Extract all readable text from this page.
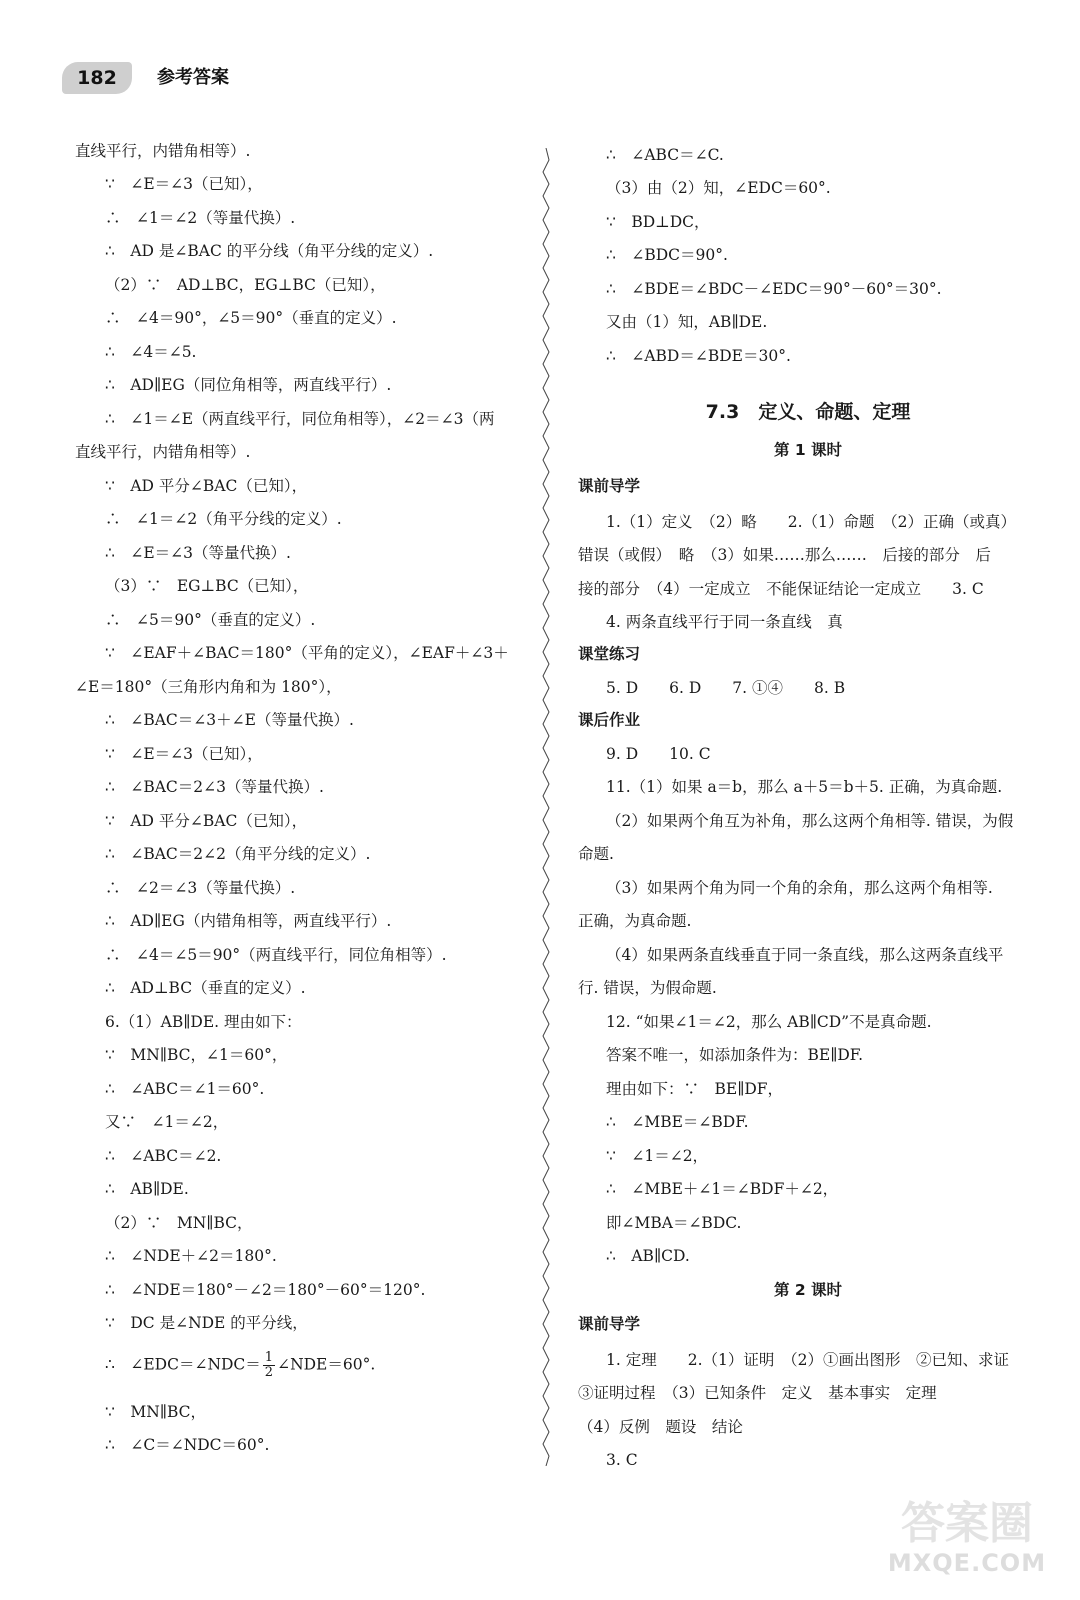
182	参考答案
直线平行，内错角相等）.
∵　∠E＝∠3（已知），
∴　∠1＝∠2（等量代换）.
∴　AD 是∠BAC 的平分线（角平分线的定义）.
（2）∵　AD⊥BC，EG⊥BC（已知），
∴　∠4＝90°，∠5＝90°（垂直的定义）.
∴　∠4＝∠5.
∴　AD∥EG（同位角相等，两直线平行）.
∴　∠1＝∠E（两直线平行，同位角相等），∠2＝∠3（两
直线平行，内错角相等）.
∵　AD 平分∠BAC（已知），
∴　∠1＝∠2（角平分线的定义）.
∴　∠E＝∠3（等量代换）.
（3）∵　EG⊥BC（已知），
∴　∠5＝90°（垂直的定义）.
∵　∠EAF＋∠BAC＝180°（平角的定义），∠EAF＋∠3＋
∠E＝180°（三角形内角和为 180°），
∴　∠BAC＝∠3＋∠E（等量代换）.
∵　∠E＝∠3（已知），
∴　∠BAC＝2∠3（等量代换）.
∵　AD 平分∠BAC（已知），
∴　∠BAC＝2∠2（角平分线的定义）.
∴　∠2＝∠3（等量代换）.
∴　AD∥EG（内错角相等，两直线平行）.
∴　∠4＝∠5＝90°（两直线平行，同位角相等）.
∴　AD⊥BC（垂直的定义）.
6.（1）AB∥DE. 理由如下：
∵　MN∥BC，∠1＝60°，
∴　∠ABC＝∠1＝60°.
又∵　∠1＝∠2，
∴　∠ABC＝∠2.
∴　AB∥DE.
（2）∵　MN∥BC，
∴　∠NDE＋∠2＝180°.
∴　∠NDE＝180°－∠2＝180°－60°＝120°.
∵　DC 是∠NDE 的平分线，
∴　∠EDC＝∠NDC＝ $\frac{1}{2}$ ∠NDE＝60°.
∵　MN∥BC，
∴　∠C＝∠NDC＝60°.
∴　∠ABC＝∠C.
（3）由（2）知，∠EDC＝60°.
∵　BD⊥DC，
∴　∠BDC＝90°.
∴　∠BDE＝∠BDC－∠EDC＝90°－60°＝30°.
又由（1）知，AB∥DE.
∴　∠ABD＝∠BDE＝30°.
7.3　定义、命题、定理
第 1 课时
课前导学
1.（1）定义　（2）略　　2.（1）命题　（2）正确（或真）
错误（或假）　略　（3）如果……那么……　后接的部分　后
接的部分　（4）一定成立　不能保证结论一定成立　　3. C
4. 两条直线平行于同一条直线　真
课堂练习
5. D　　6. D　　7. ①④　　8. B
课后作业
9. D　　10. C
11.（1）如果 a＝b，那么 a＋5＝b＋5. 正确，为真命题.
（2）如果两个角互为补角，那么这两个角相等. 错误，为假
命题.
（3）如果两个角为同一个角的余角，那么这两个角相等.
正确，为真命题.
（4）如果两条直线垂直于同一条直线，那么这两条直线平
行. 错误，为假命题.
12. “如果∠1＝∠2，那么 AB∥CD”不是真命题.
答案不唯一，如添加条件为：BE∥DF.
理由如下：∵　BE∥DF，
∴　∠MBE＝∠BDF.
∵　∠1＝∠2，
∴　∠MBE＋∠1＝∠BDF＋∠2，
即∠MBA＝∠BDC.
∴　AB∥CD.
第 2 课时
课前导学
1. 定理　　2.（1）证明　（2）①画出图形　②已知、求证
③证明过程　（3）已知条件　定义　基本事实　定理
（4）反例　题设　结论
3. C
答案圈
MXQE.COM
